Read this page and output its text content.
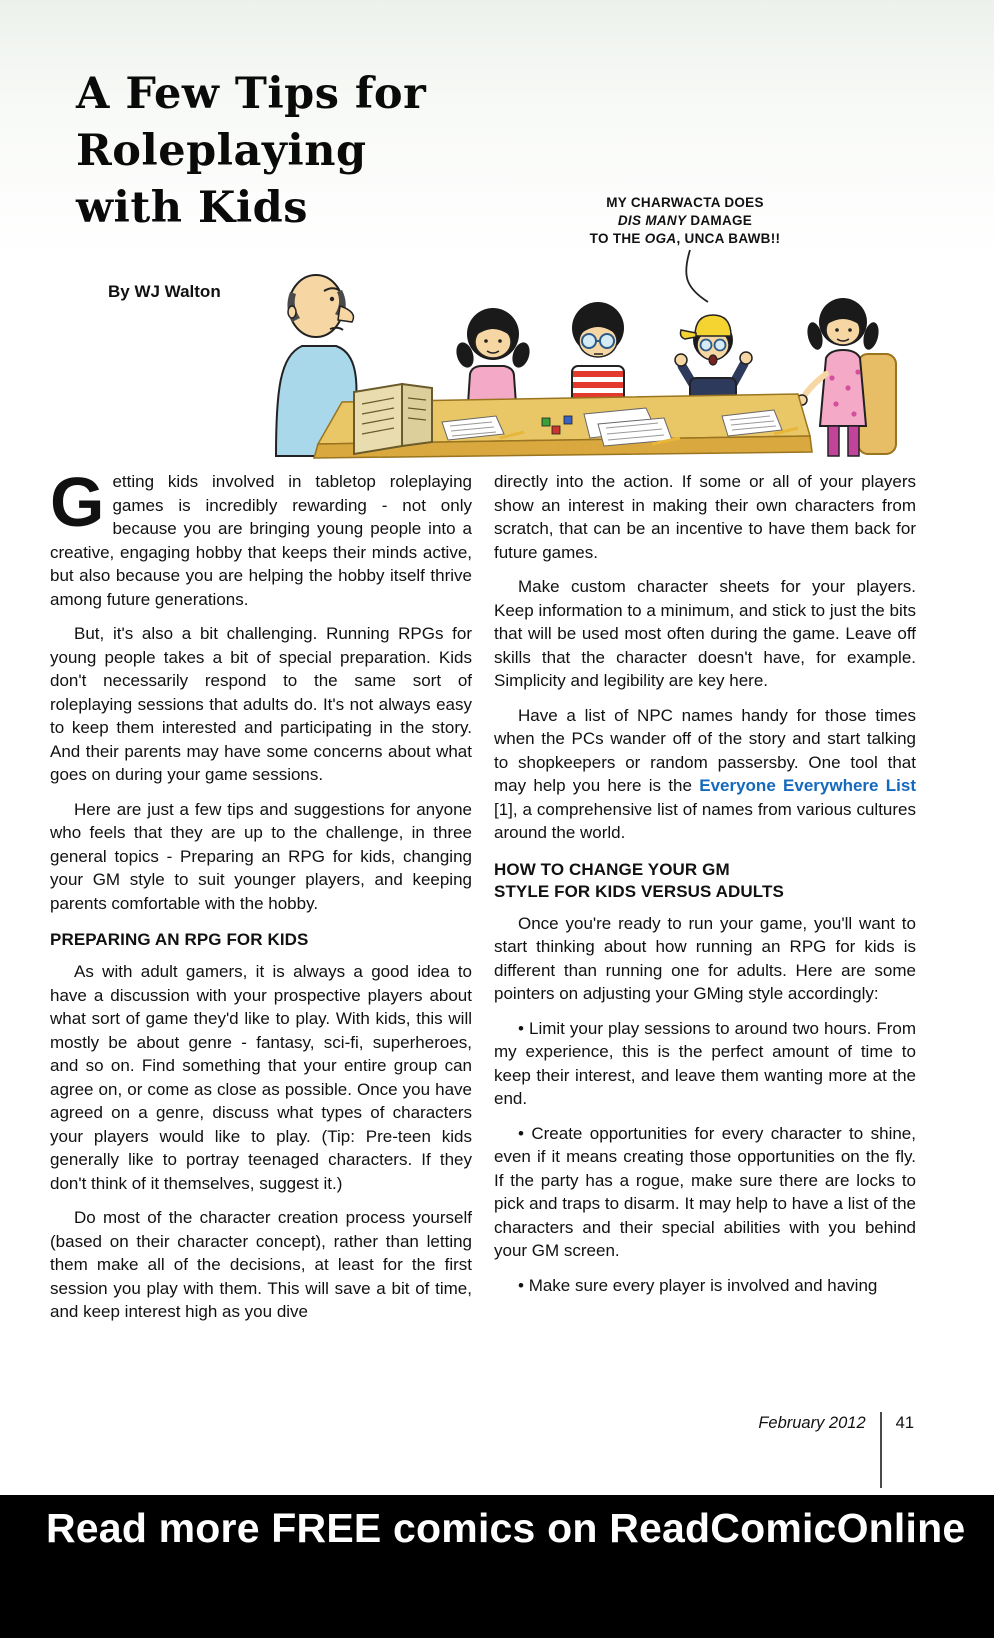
A Few Tips for
Roleplaying
with Kids
By WJ Walton
MY CHARWACTA DOES
DIS MANY DAMAGE
TO THE OGA, UNCA BAWB!!

Getting kids involved in tabletop roleplaying games is incredibly rewarding - not only because you are bringing young people into a creative, engaging hobby that keeps their minds active, but also because you are helping the hobby itself thrive among future generations.

But, it's also a bit challenging. Running RPGs for young people takes a bit of special preparation. Kids don't necessarily respond to the same sort of roleplaying sessions that adults do. It's not always easy to keep them interested and participating in the story. And their parents may have some concerns about what goes on during your game sessions.

Here are just a few tips and suggestions for anyone who feels that they are up to the challenge, in three general topics - Preparing an RPG for kids, changing your GM style to suit younger players, and keeping parents comfortable with the hobby.

PREPARING AN RPG FOR KIDS

As with adult gamers, it is always a good idea to have a discussion with your prospective players about what sort of game they'd like to play. With kids, this will mostly be about genre - fantasy, sci-fi, superheroes, and so on. Find something that your entire group can agree on, or come as close as possible. Once you have agreed on a genre, discuss what types of characters your players would like to play. (Tip: Pre-teen kids generally like to portray teenaged characters. If they don't think of it themselves, suggest it.)

Do most of the character creation process yourself (based on their character concept), rather than letting them make all of the decisions, at least for the first session you play with them. This will save a bit of time, and keep interest high as you dive

directly into the action. If some or all of your players show an interest in making their own characters from scratch, that can be an incentive to have them back for future games.

Make custom character sheets for your players. Keep information to a minimum, and stick to just the bits that will be used most often during the game. Leave off skills that the character doesn't have, for example. Simplicity and legibility are key here.

Have a list of NPC names handy for those times when the PCs wander off of the story and start talking to shopkeepers or random passersby. One tool that may help you here is the Everyone Everywhere List [1], a comprehensive list of names from various cultures around the world.

HOW TO CHANGE YOUR GM
STYLE FOR KIDS VERSUS ADULTS

Once you're ready to run your game, you'll want to start thinking about how running an RPG for kids is different than running one for adults. Here are some pointers on adjusting your GMing style accordingly:

• Limit your play sessions to around two hours. From my experience, this is the perfect amount of time to keep their interest, and leave them wanting more at the end.

• Create opportunities for every character to shine, even if it means creating those opportunities on the fly. If the party has a rogue, make sure there are locks to pick and traps to disarm. It may help to have a list of the characters and their special abilities with you behind your GM screen.

• Make sure every player is involved and having

February 2012 41
Read more FREE comics on ReadComicOnline
